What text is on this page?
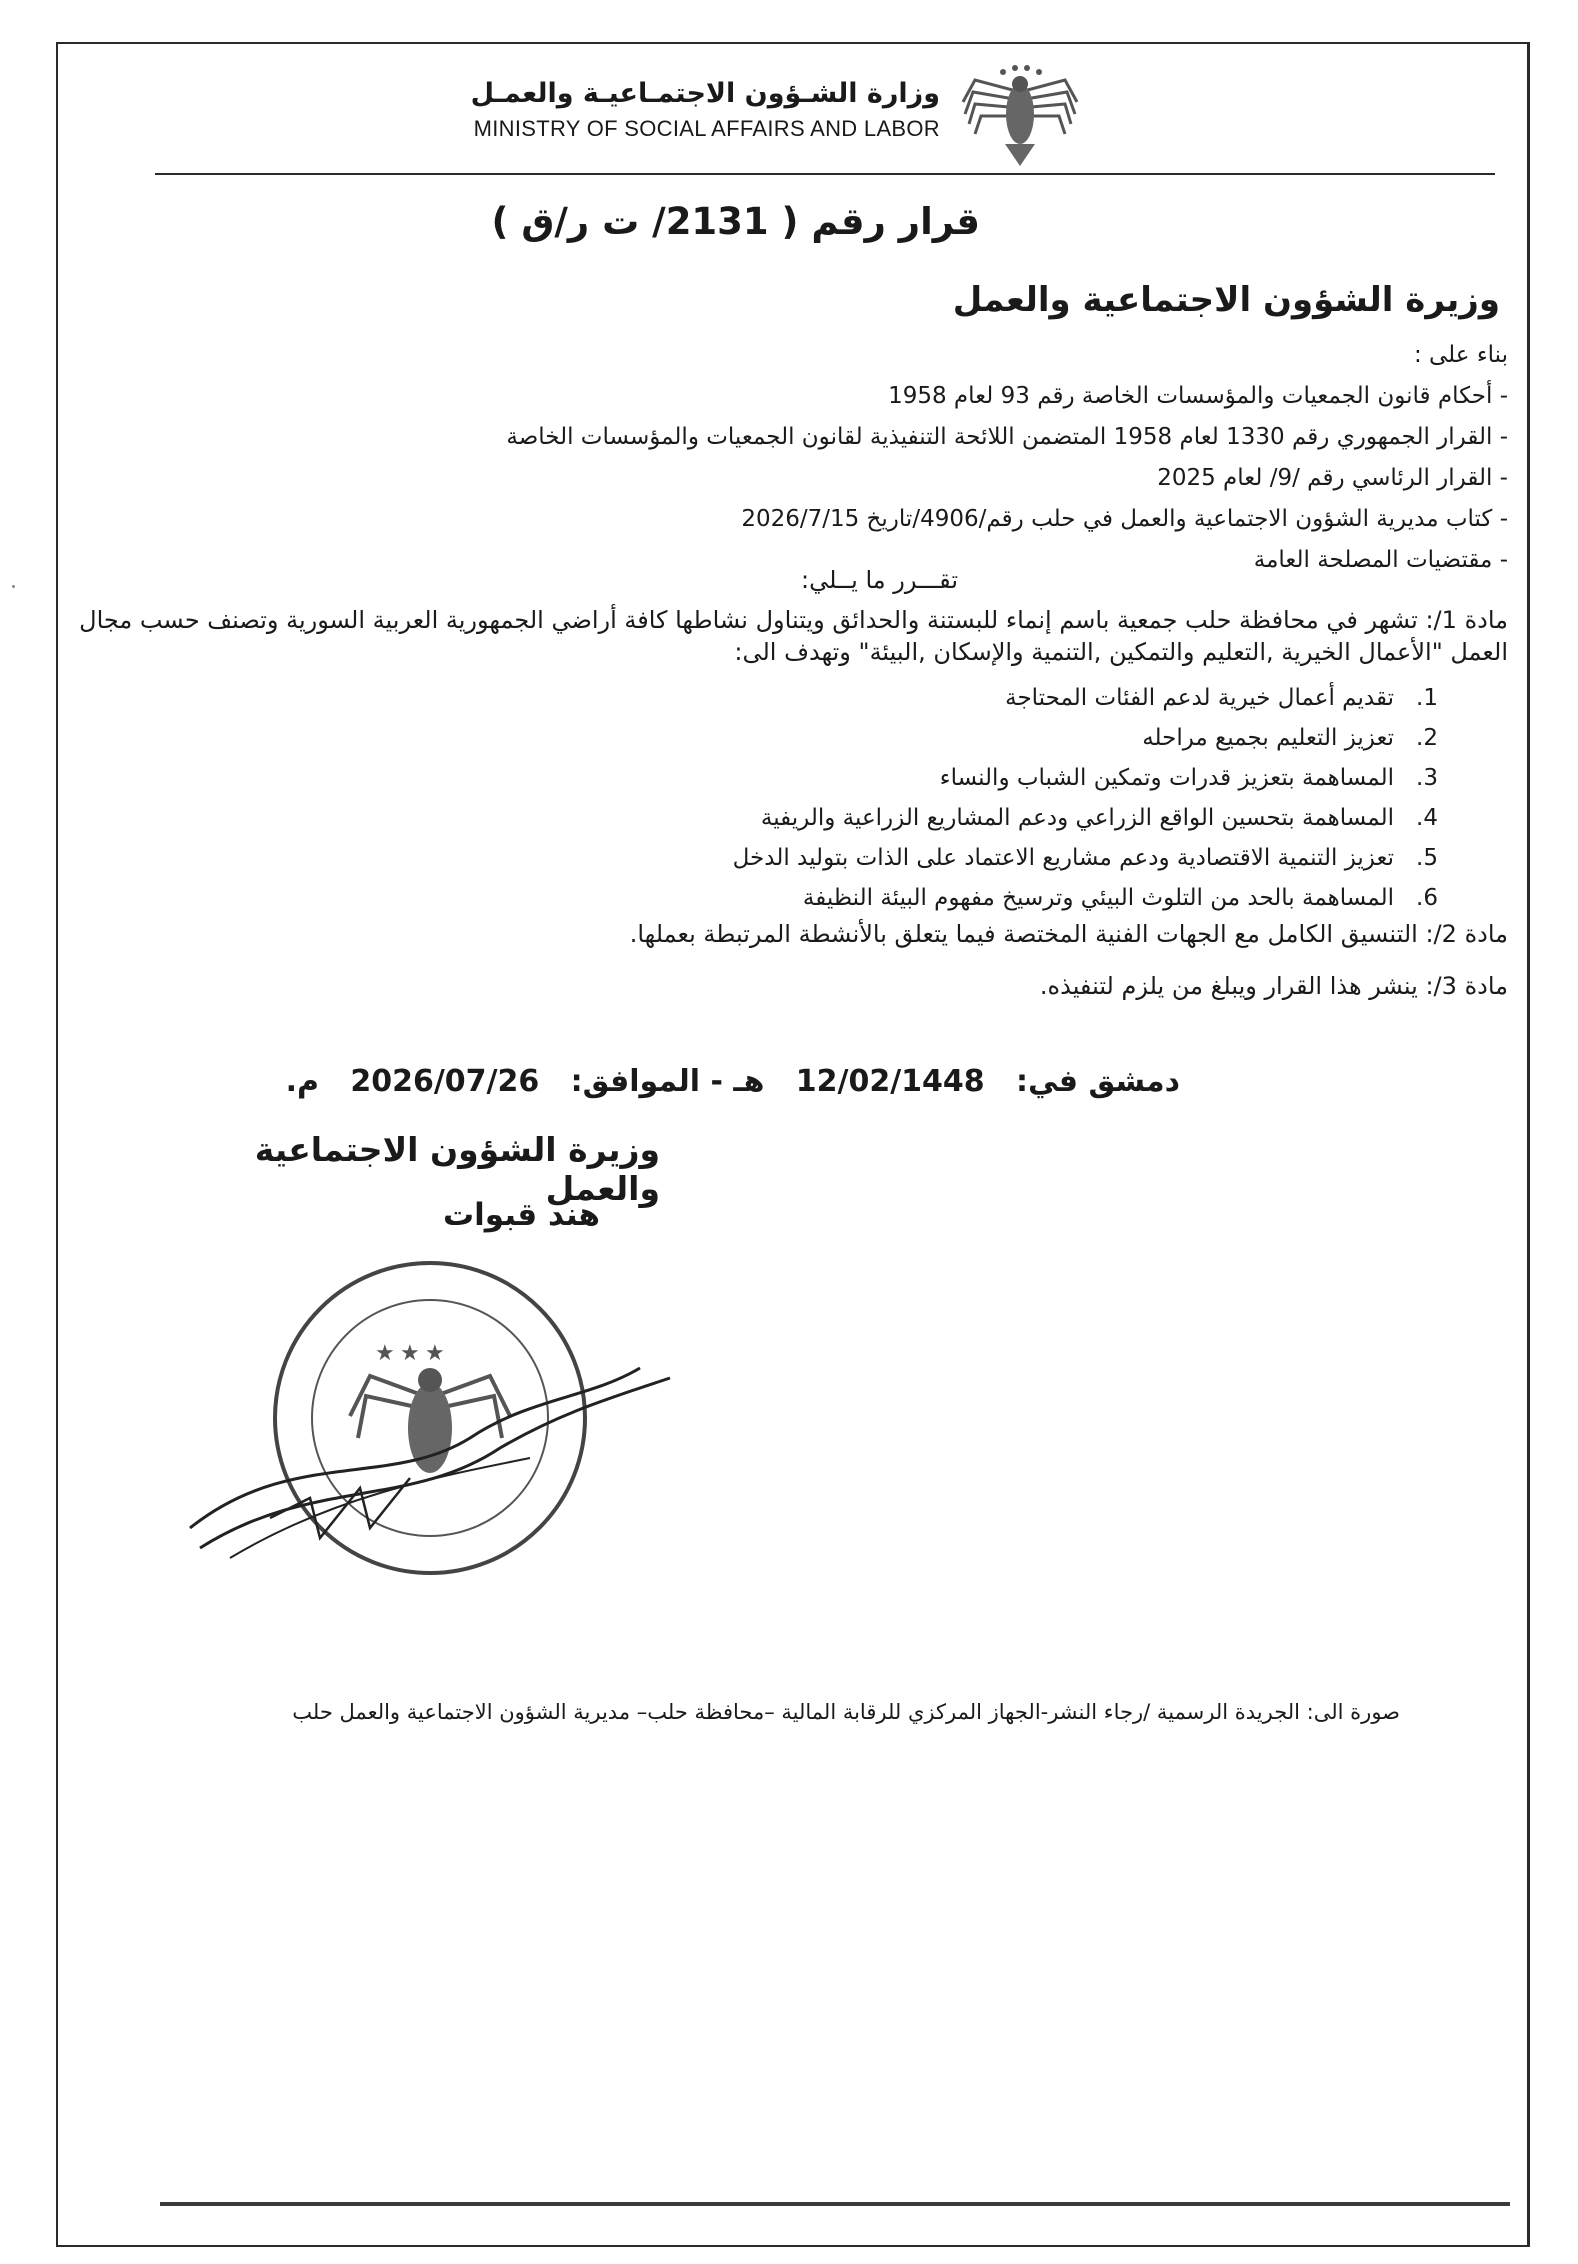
وزارة الشـؤون الاجتمـاعيـة والعمـل
MINISTRY OF SOCIAL AFFAIRS AND LABOR
قرار رقم ( 2131/ ت ر/ق )
وزيرة الشؤون الاجتماعية والعمل
بناء على :
- أحكام قانون الجمعيات والمؤسسات الخاصة رقم 93 لعام 1958
- القرار الجمهوري رقم 1330 لعام 1958 المتضمن اللائحة التنفيذية لقانون الجمعيات والمؤسسات الخاصة
- القرار الرئاسي رقم /9/ لعام 2025
- كتاب مديرية الشؤون الاجتماعية والعمل في حلب رقم/4906/تاريخ 2026/7/15
- مقتضيات المصلحة العامة
تقـــرر ما يــلي:
مادة 1/: تشهر في محافظة حلب جمعية باسم إنماء للبستنة والحدائق ويتناول نشاطها كافة أراضي الجمهورية العربية السورية وتصنف حسب مجال العمل "الأعمال الخيرية ,التعليم والتمكين ,التنمية والإسكان ,البيئة" وتهدف الى:
1.
تقديم أعمال خيرية لدعم الفئات المحتاجة
2.
تعزيز التعليم بجميع مراحله
3.
المساهمة بتعزيز قدرات وتمكين الشباب والنساء
4.
المساهمة بتحسين الواقع الزراعي ودعم المشاريع الزراعية والريفية
5.
تعزيز التنمية الاقتصادية ودعم مشاريع الاعتماد على الذات بتوليد الدخل
6.
المساهمة بالحد من التلوث البيئي وترسيخ مفهوم البيئة النظيفة
مادة 2/: التنسيق الكامل مع الجهات الفنية المختصة فيما يتعلق بالأنشطة المرتبطة بعملها.
مادة 3/: ينشر هذا القرار ويبلغ من يلزم لتنفيذه.
دمشق في:   12/02/1448   هـ - الموافق:   2026/07/26   م.
وزيرة الشؤون الاجتماعية والعمل
هند قبوات
★ ★ ★
صورة الى: الجريدة الرسمية /رجاء النشر-الجهاز المركزي للرقابة المالية –محافظة حلب– مديرية الشؤون الاجتماعية والعمل حلب
